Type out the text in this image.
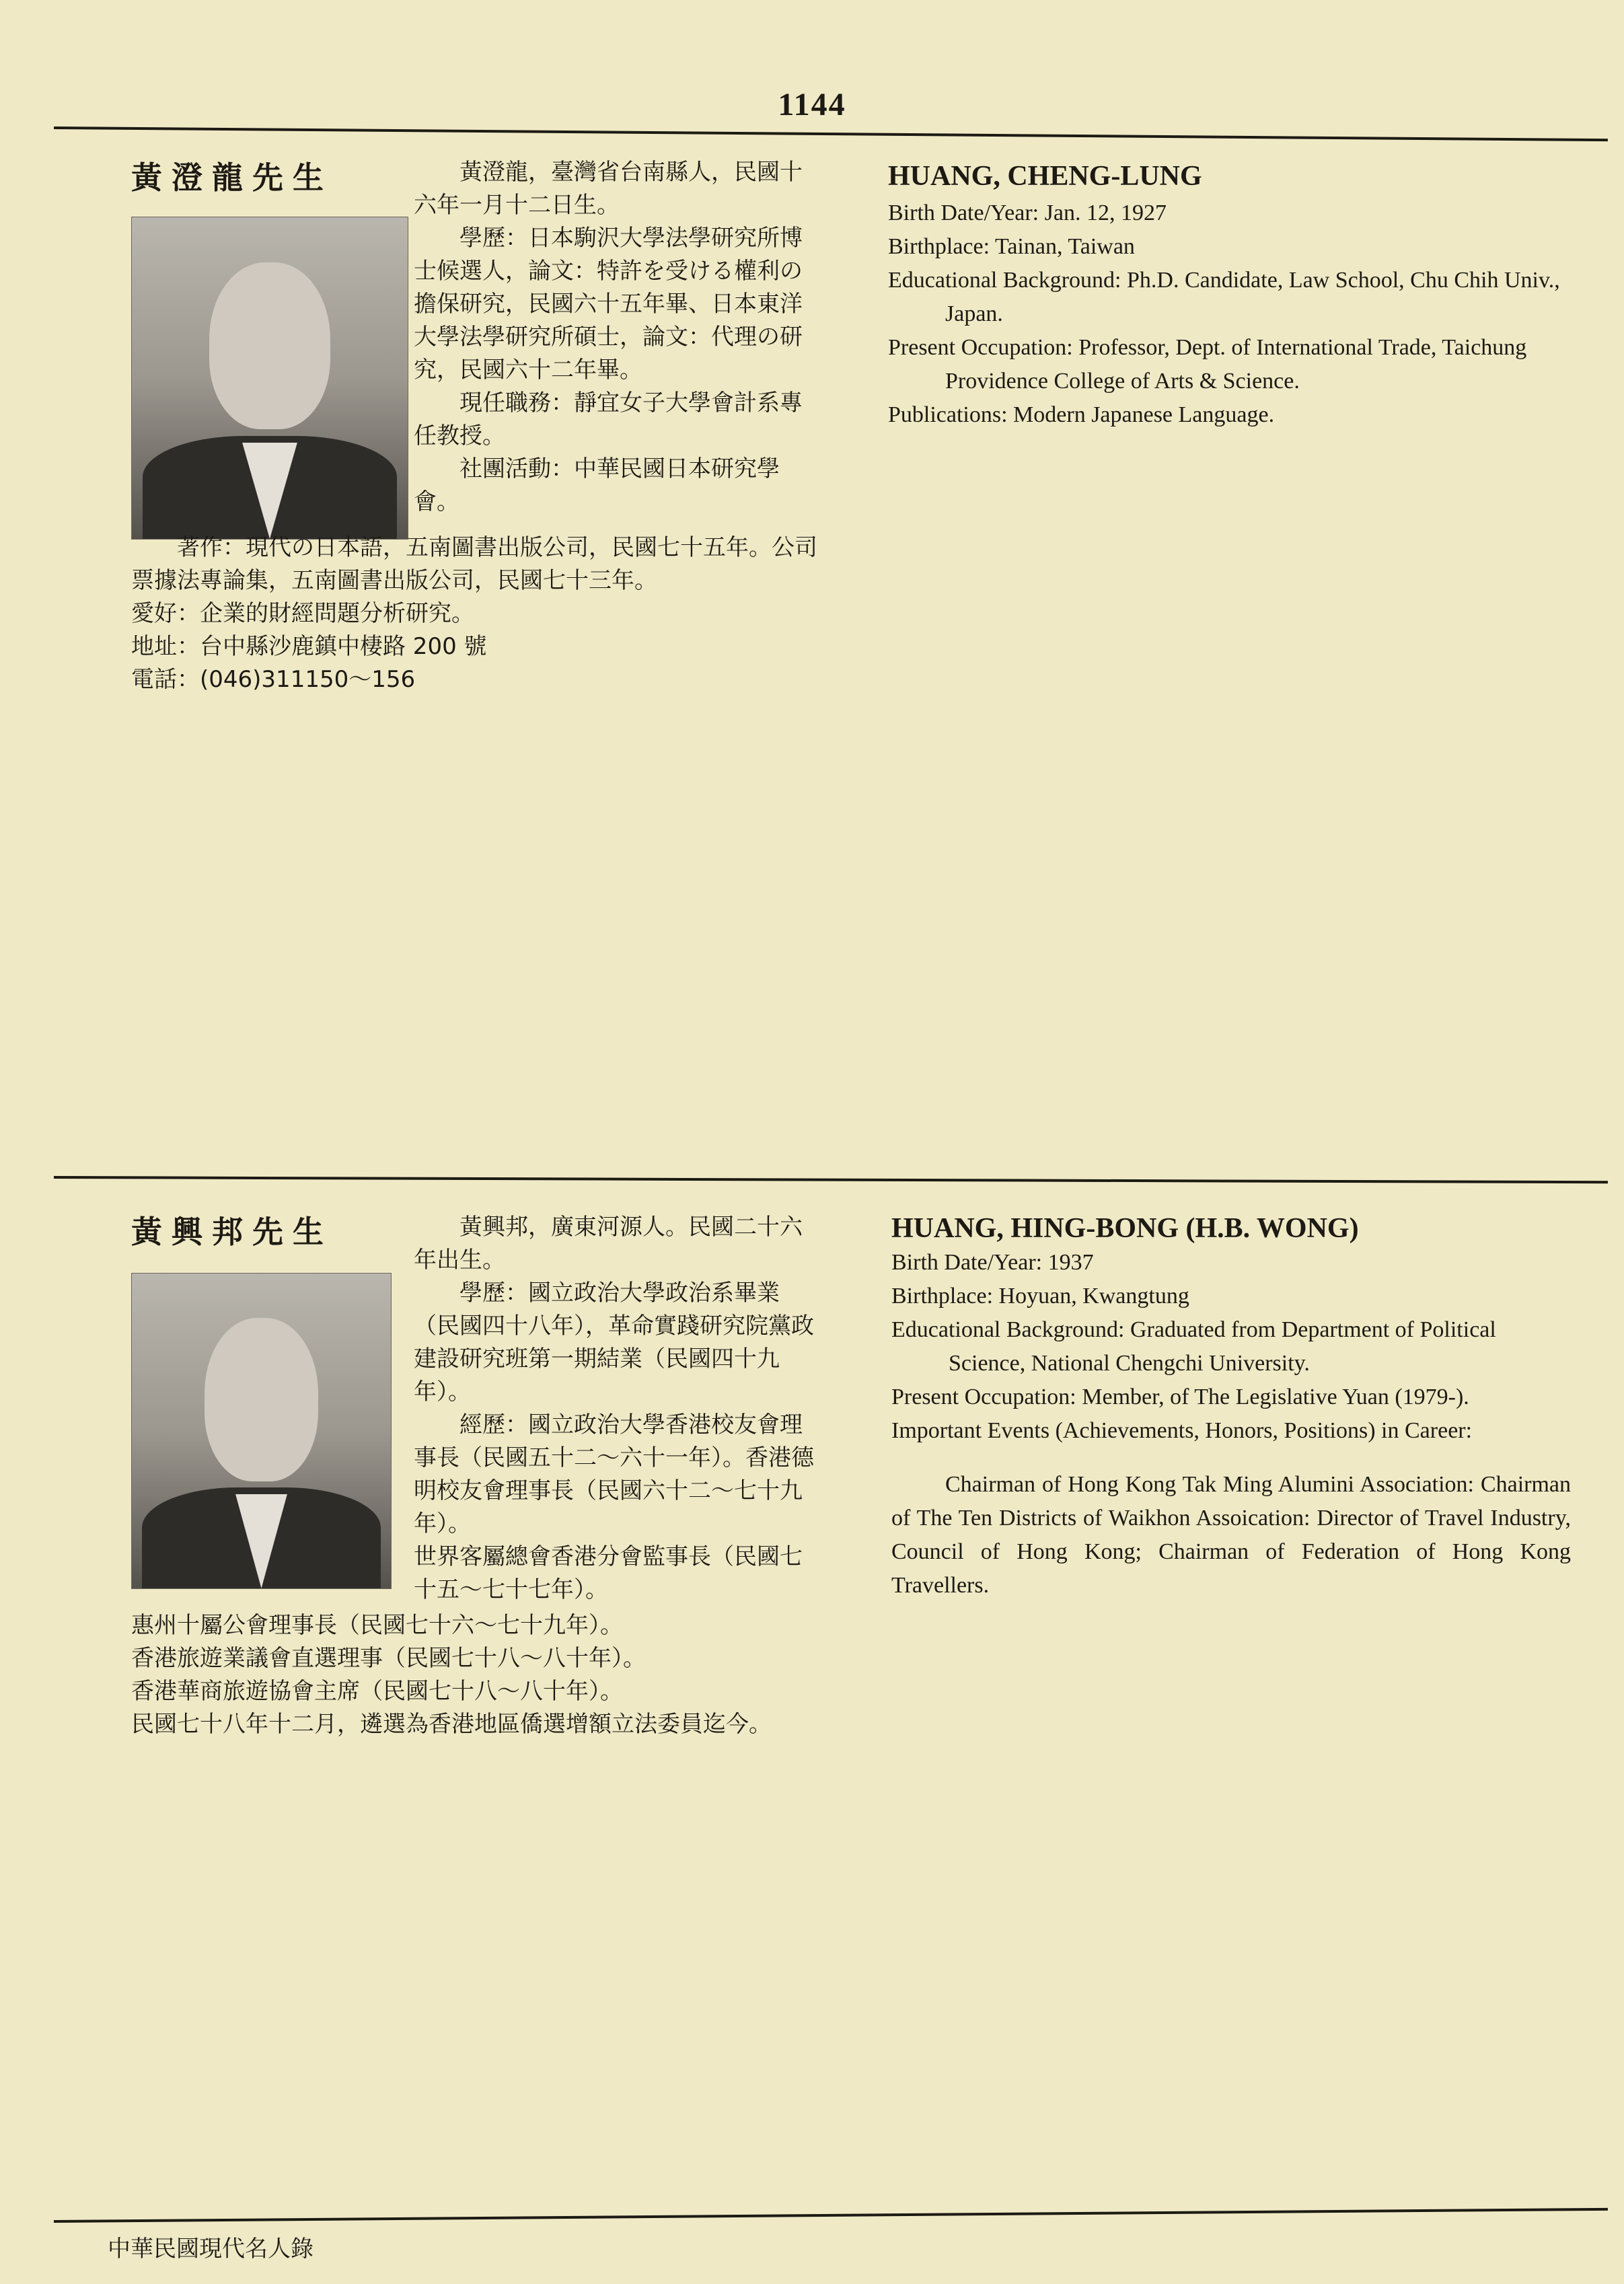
1144
黃澄龍先生	　　黃澄龍，臺灣省台南縣人，民國十六年一月十二日生。

　　學歷：日本駒沢大學法學研究所博士候選人，論文：特許を受ける權利の擔保研究，民國六十五年畢、日本東洋大學法學研究所碩士，論文：代理の研究，民國六十二年畢。

　　現任職務：靜宜女子大學會計系專任教授。

　　社團活動：中華民國日本研究學會。

　　著作：現代の日本語，五南圖書出版公司，民國七十五年。公司票據法專論集，五南圖書出版公司，民國七十三年。

愛好：企業的財經問題分析研究。

地址：台中縣沙鹿鎮中棲路 200 號

電話：(046)311150～156

HUANG, CHENG-LUNG

Birth Date/Year: Jan. 12, 1927

Birthplace: Tainan, Taiwan

Educational Background: Ph.D. Candidate, Law School, Chu Chih Univ., Japan.

Present Occupation: Professor, Dept. of International Trade, Taichung Providence College of Arts & Science.

Publications: Modern Japanese Language.

黃興邦先生	　　黃興邦，廣東河源人。民國二十六年出生。

　　學歷：國立政治大學政治系畢業（民國四十八年），革命實踐研究院黨政建設研究班第一期結業（民國四十九年）。

　　經歷：國立政治大學香港校友會理事長（民國五十二～六十一年）。香港德明校友會理事長（民國六十二～七十九年）。

世界客屬總會香港分會監事長（民國七十五～七十七年）。

惠州十屬公會理事長（民國七十六～七十九年）。

香港旅遊業議會直選理事（民國七十八～八十年）。

香港華商旅遊協會主席（民國七十八～八十年）。

民國七十八年十二月，遴選為香港地區僑選增額立法委員迄今。

HUANG, HING-BONG (H.B. WONG)

Birth Date/Year: 1937

Birthplace: Hoyuan, Kwangtung

Educational Background: Graduated from Department of Political Science, National Chengchi University.

Present Occupation: Member, of The Legislative Yuan (1979-).

Important Events (Achievements, Honors, Positions) in Career:

Chairman of Hong Kong Tak Ming Alumini Association: Chairman of The Ten Districts of Waikhon Assoication: Director of Travel Industry, Council of Hong Kong; Chairman of Federation of Hong Kong Travellers.

中華民國現代名人錄
